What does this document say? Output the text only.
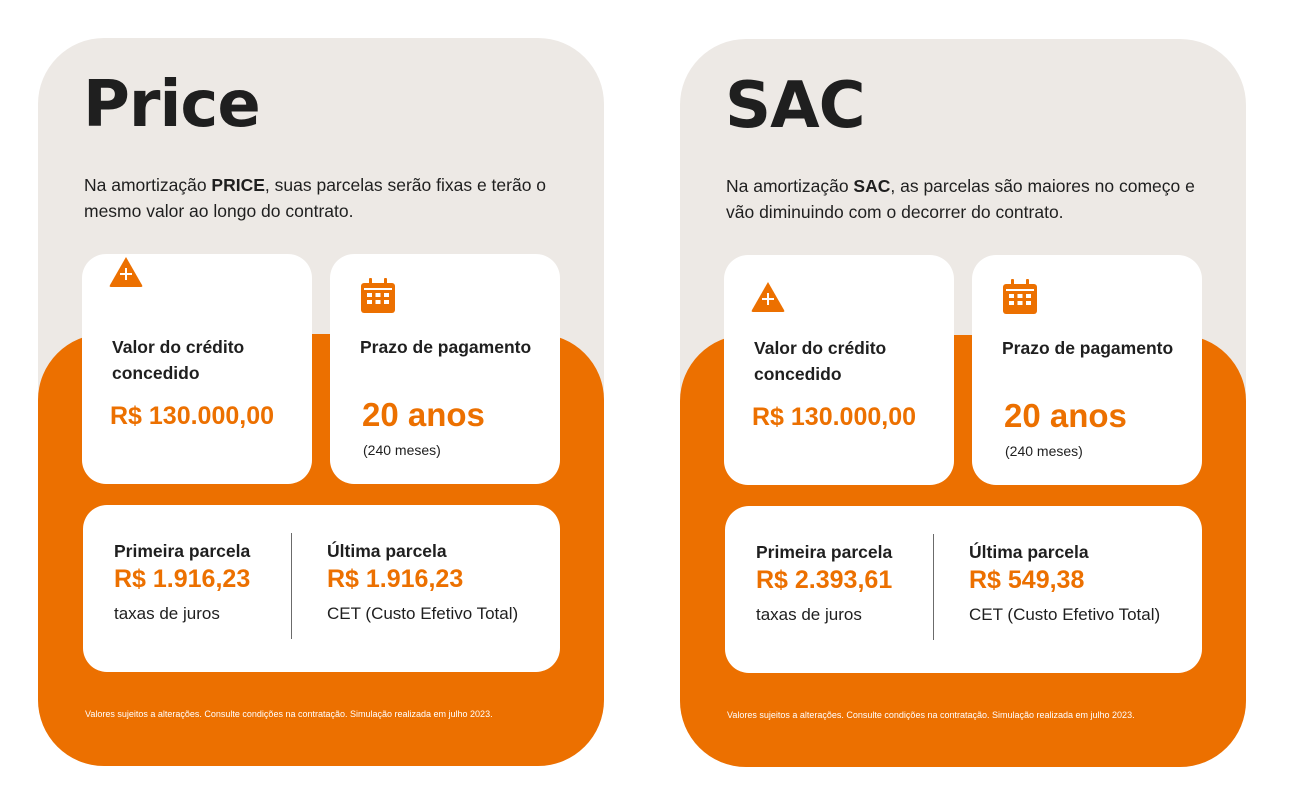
Price

Na amortização PRICE, suas parcelas serão fixas e terão o mesmo valor ao longo do contrato.

Valor do crédito concedido
R$ 130.000,00
Prazo de pagamento
20 anos
(240 meses)
Primeira parcela
R$ 1.916,23
taxas de juros
Última parcela
R$ 1.916,23
CET (Custo Efetivo Total)
Valores sujeitos a alterações. Consulte condições na contratação. Simulação realizada em julho 2023.
SAC

Na amortização SAC, as parcelas são maiores no começo e vão diminuindo com o decorrer do contrato.

Valor do crédito concedido
R$ 130.000,00
Prazo de pagamento
20 anos
(240 meses)
Primeira parcela
R$ 2.393,61
taxas de juros
Última parcela
R$ 549,38
CET (Custo Efetivo Total)
Valores sujeitos a alterações. Consulte condições na contratação. Simulação realizada em julho 2023.
